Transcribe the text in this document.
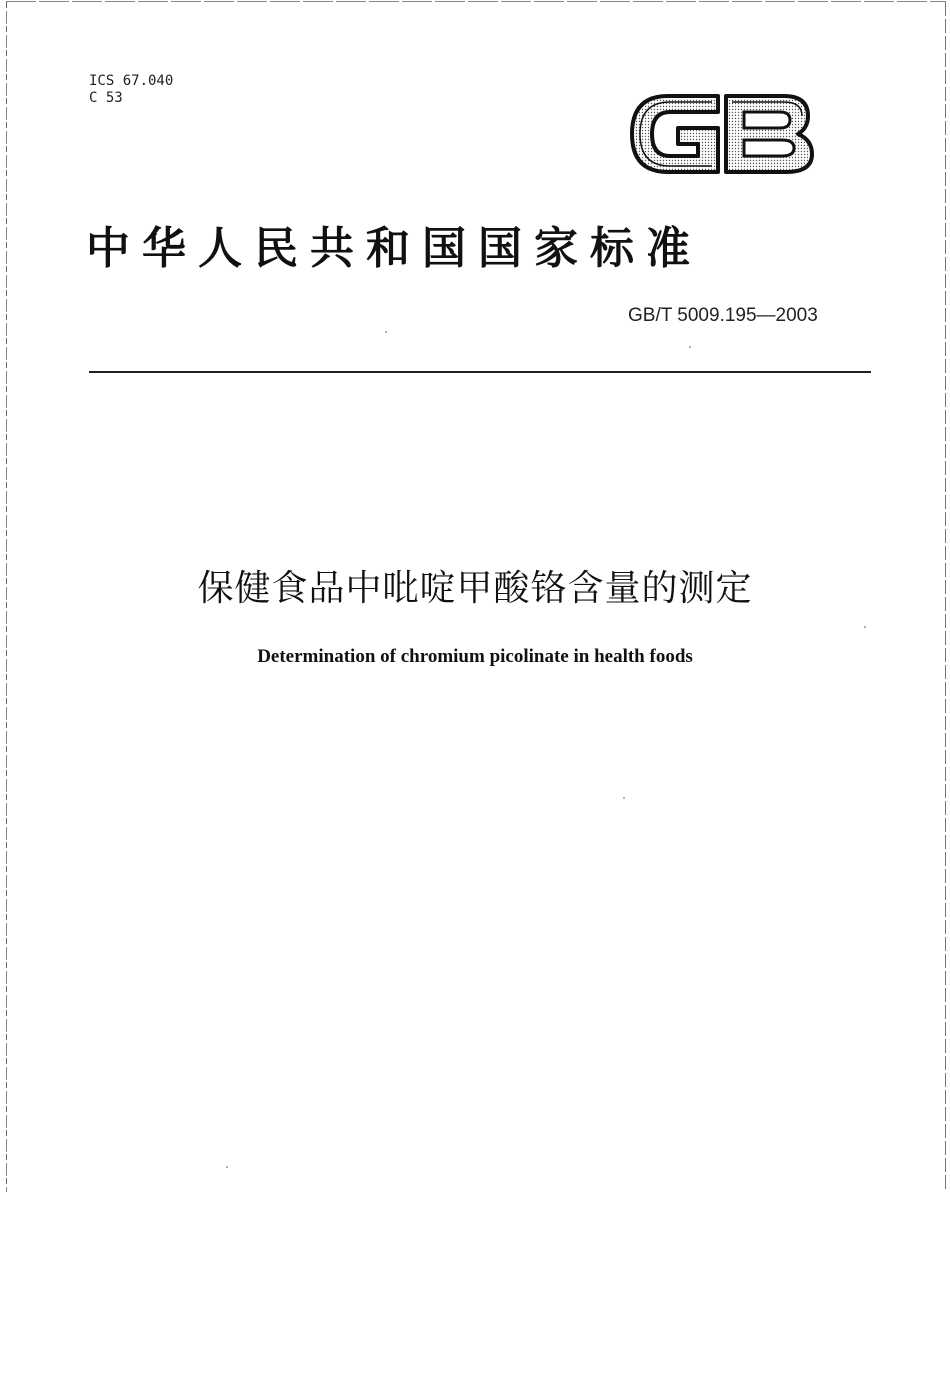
ICS 67.040
C 53
中华人民共和国国家标准
GB/T 5009.195—2003
保健食品中吡啶甲酸铬含量的测定
Determination of chromium picolinate in health foods
